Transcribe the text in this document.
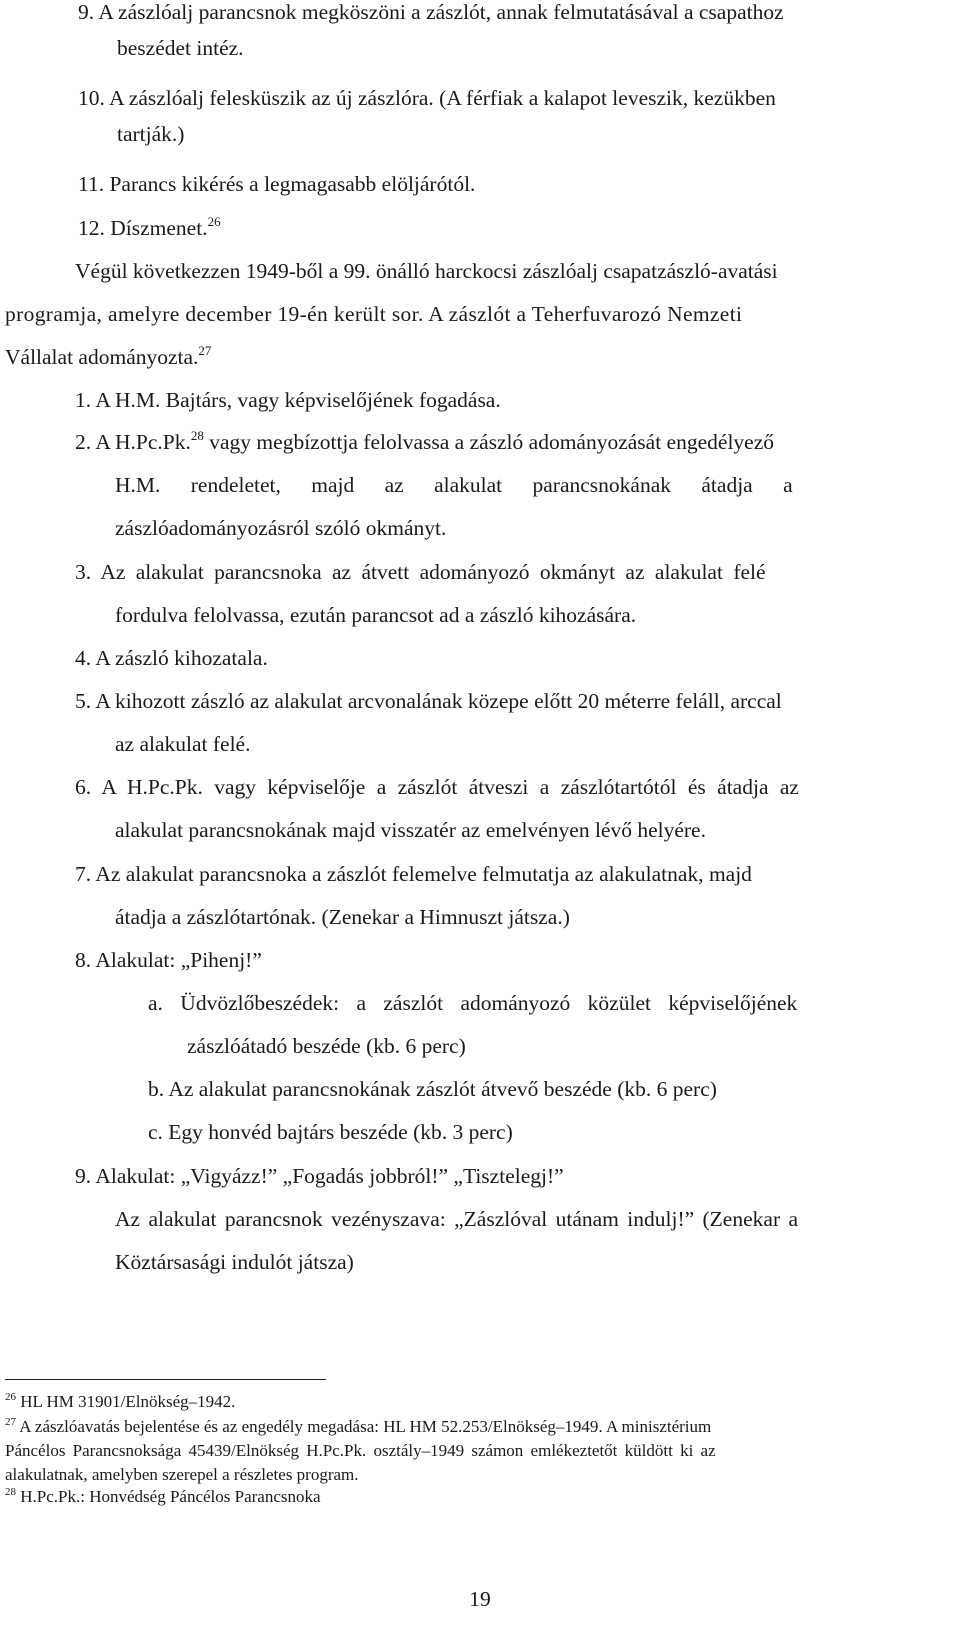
9. A zászlóalj parancsnok megköszöni a zászlót, annak felmutatásával a csapathoz
beszédet intéz.
10. A zászlóalj felesküszik az új zászlóra. (A férfiak a kalapot leveszik, kezükben
tartják.)
11. Parancs kikérés a legmagasabb elöljárótól.
12. Díszmenet.$^{26}$
Végül következzen 1949-ből a 99. önálló harckocsi zászlóalj csapatzászló-avatási
programja, amelyre december 19-én került sor. A zászlót a Teherfuvarozó Nemzeti
Vállalat adományozta.$^{27}$
1. A H.M. Bajtárs, vagy képviselőjének fogadása.
2. A H.Pc.Pk.$^{28}$ vagy megbízottja felolvassa a zászló adományozását engedélyező
H.M. rendeletet, majd az alakulat parancsnokának átadja a
zászlóadományozásról szóló okmányt.
3. Az alakulat parancsnoka az átvett adományozó okmányt az alakulat felé
fordulva felolvassa, ezután parancsot ad a zászló kihozására.
4. A zászló kihozatala.
5. A kihozott zászló az alakulat arcvonalának közepe előtt 20 méterre feláll, arccal
az alakulat felé.
6. A H.Pc.Pk. vagy képviselője a zászlót átveszi a zászlótartótól és átadja az
alakulat parancsnokának majd visszatér az emelvényen lévő helyére.
7. Az alakulat parancsnoka a zászlót felemelve felmutatja az alakulatnak, majd
átadja a zászlótartónak. (Zenekar a Himnuszt játsza.)
8. Alakulat: „Pihenj!”
a. Üdvözlőbeszédek: a zászlót adományozó közület képviselőjének
zászlóátadó beszéde (kb. 6 perc)
b. Az alakulat parancsnokának zászlót átvevő beszéde (kb. 6 perc)
c. Egy honvéd bajtárs beszéde (kb. 3 perc)
9. Alakulat: „Vigyázz!” „Fogadás jobbról!” „Tisztelegj!”
Az alakulat parancsnok vezényszava: „Zászlóval utánam indulj!” (Zenekar a
Köztársasági indulót játsza)
$^{26}$ HL HM 31901/Elnökség–1942.
$^{27}$ A zászlóavatás bejelentése és az engedély megadása: HL HM 52.253/Elnökség–1949. A minisztérium
Páncélos Parancsnoksága 45439/Elnökség H.Pc.Pk. osztály–1949 számon emlékeztetőt küldött ki az
alakulatnak, amelyben szerepel a részletes program.
$^{28}$ H.Pc.Pk.: Honvédség Páncélos Parancsnoka
19
